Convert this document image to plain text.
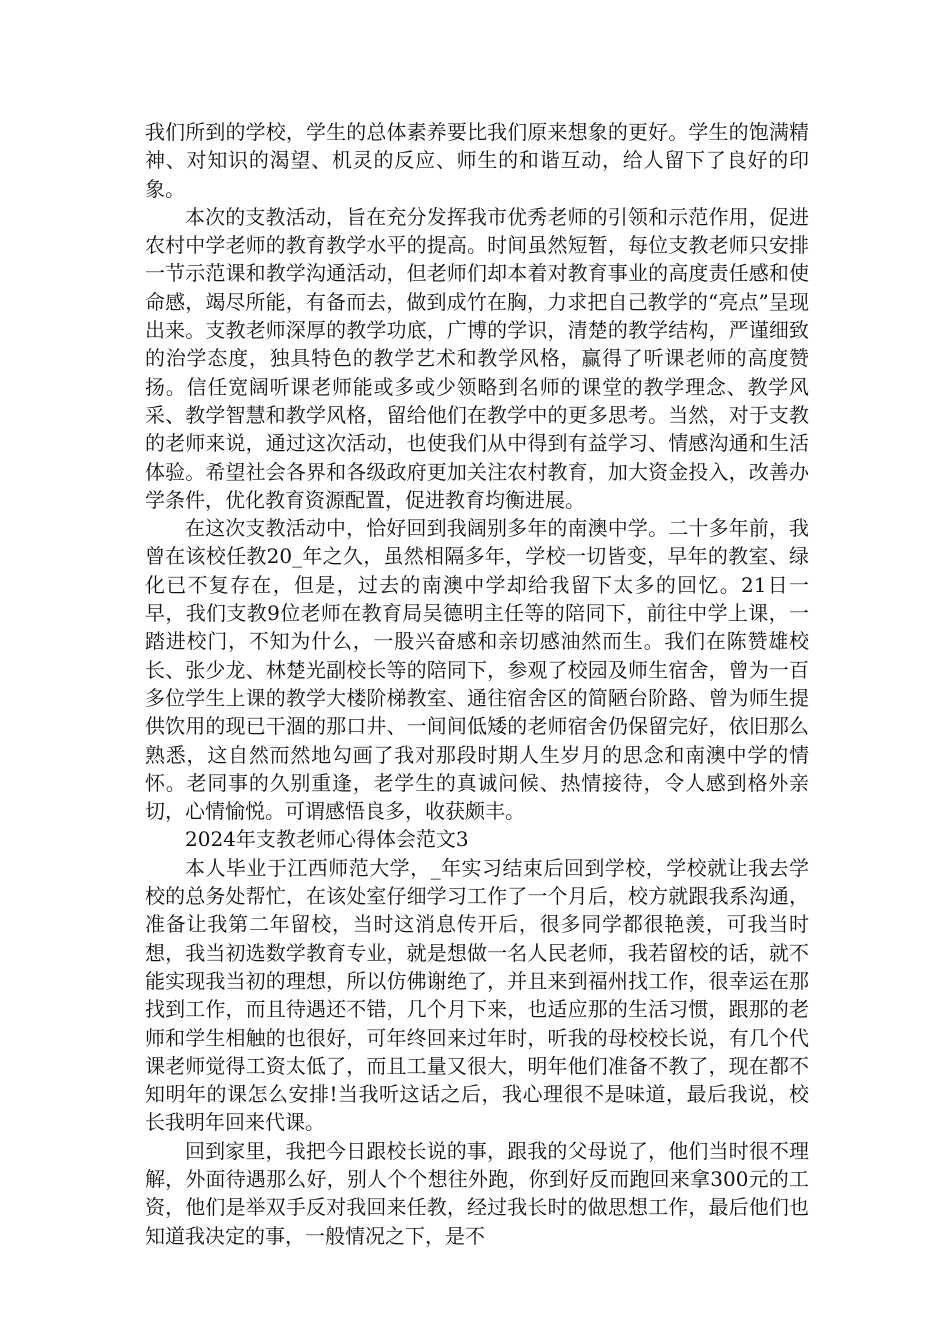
我们所到的学校，学生的总体素养要比我们原来想象的更好。学生的饱满精神、对知识的渴望、机灵的反应、师生的和谐互动，给人留下了良好的印象。

本次的支教活动，旨在充分发挥我市优秀老师的引领和示范作用，促进农村中学老师的教育教学水平的提高。时间虽然短暂，每位支教老师只安排一节示范课和教学沟通活动，但老师们却本着对教育事业的高度责任感和使命感，竭尽所能，有备而去，做到成竹在胸，力求把自己教学的“亮点”呈现出来。支教老师深厚的教学功底，广博的学识，清楚的教学结构，严谨细致的治学态度，独具特色的教学艺术和教学风格，赢得了听课老师的高度赞扬。信任宽阔听课老师能或多或少领略到名师的课堂的教学理念、教学风采、教学智慧和教学风格，留给他们在教学中的更多思考。当然，对于支教的老师来说，通过这次活动，也使我们从中得到有益学习、情感沟通和生活体验。希望社会各界和各级政府更加关注农村教育，加大资金投入，改善办学条件，优化教育资源配置，促进教育均衡进展。

在这次支教活动中，恰好回到我阔别多年的南澳中学。二十多年前，我曾在该校任教20_年之久，虽然相隔多年，学校一切皆变，早年的教室、绿化已不复存在，但是，过去的南澳中学却给我留下太多的回忆。21日一早，我们支教9位老师在教育局吴德明主任等的陪同下，前往中学上课，一踏进校门，不知为什么，一股兴奋感和亲切感油然而生。我们在陈赞雄校长、张少龙、林楚光副校长等的陪同下，参观了校园及师生宿舍，曾为一百多位学生上课的教学大楼阶梯教室、通往宿舍区的简陋台阶路、曾为师生提供饮用的现已干涸的那口井、一间间低矮的老师宿舍仍保留完好，依旧那么熟悉，这自然而然地勾画了我对那段时期人生岁月的思念和南澳中学的情怀。老同事的久别重逢，老学生的真诚问候、热情接待，令人感到格外亲切，心情愉悦。可谓感悟良多，收获颇丰。

2024年支教老师心得体会范文3

本人毕业于江西师范大学，_年实习结束后回到学校，学校就让我去学校的总务处帮忙，在该处室仔细学习工作了一个月后，校方就跟我系沟通，准备让我第二年留校，当时这消息传开后，很多同学都很艳羡，可我当时想，我当初选数学教育专业，就是想做一名人民老师，我若留校的话，就不能实现我当初的理想，所以仿佛谢绝了，并且来到福州找工作，很幸运在那找到工作，而且待遇还不错，几个月下来，也适应那的生活习惯，跟那的老师和学生相触的也很好，可年终回来过年时，听我的母校校长说，有几个代课老师觉得工资太低了，而且工量又很大，明年他们准备不教了，现在都不知明年的课怎么安排!当我听这话之后，我心理很不是味道，最后我说，校长我明年回来代课。

回到家里，我把今日跟校长说的事，跟我的父母说了，他们当时很不理解，外面待遇那么好，别人个个想往外跑，你到好反而跑回来拿300元的工资，他们是举双手反对我回来任教，经过我长时的做思想工作，最后他们也知道我决定的事，一般情况之下，是不
